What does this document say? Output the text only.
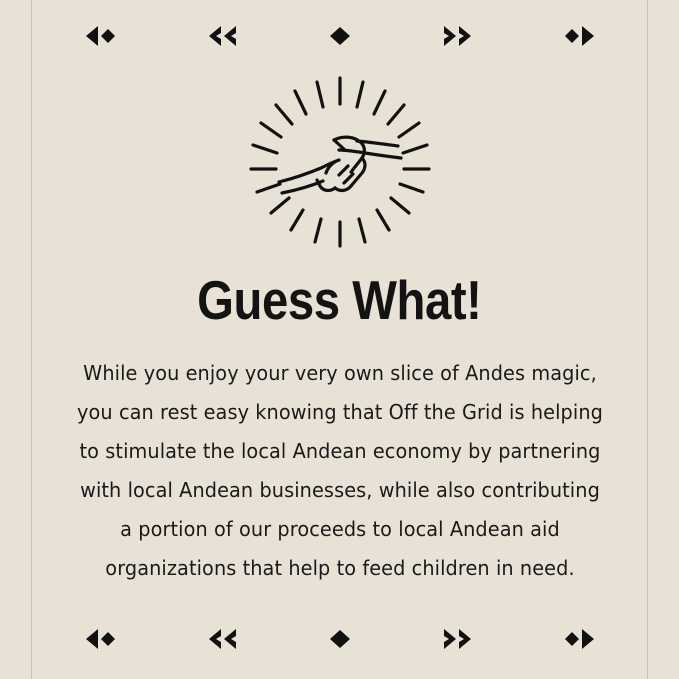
Guess What!
While you enjoy your very own slice of Andes magic, you can rest easy knowing that Off the Grid is helping to stimulate the local Andean economy by partnering with local Andean businesses, while also contributing a portion of our proceeds to local Andean aid organizations that help to feed children in need.
